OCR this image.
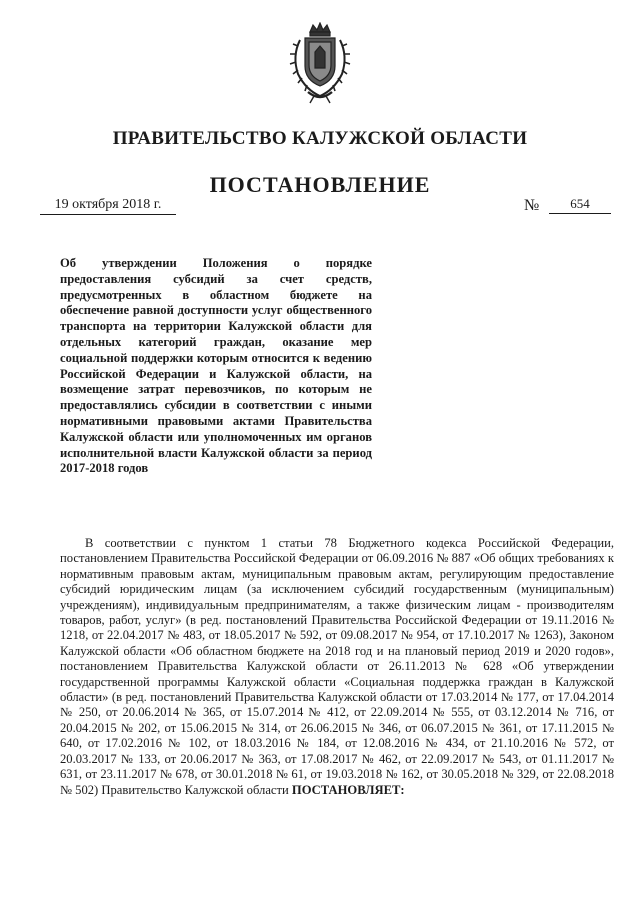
ПРАВИТЕЛЬСТВО КАЛУЖСКОЙ ОБЛАСТИ
ПОСТАНОВЛЕНИЕ
19 октября 2018 г.	№	654
Об утверждении Положения о порядке предоставления субсидий за счет средств, предусмотренных в областном бюджете на обеспечение равной доступности услуг общественного транспорта на территории Калужской области для отдельных категорий граждан, оказание мер социальной поддержки которым относится к ведению Российской Федерации и Калужской области, на возмещение затрат перевозчиков, по которым не предоставлялись субсидии в соответствии с иными нормативными правовыми актами Правительства Калужской области или уполномоченных им органов исполнительной власти Калужской области за период 2017-2018 годов
В соответствии с пунктом 1 статьи 78 Бюджетного кодекса Российской Федерации, постановлением Правительства Российской Федерации от 06.09.2016 № 887 «Об общих требованиях к нормативным правовым актам, муниципальным правовым актам, регулирующим предоставление субсидий юридическим лицам (за исключением субсидий государственным (муниципальным) учреждениям), индивидуальным предпринимателям, а также физическим лицам - производителям товаров, работ, услуг» (в ред. постановлений Правительства Российской Федерации от 19.11.2016 № 1218, от 22.04.2017 № 483, от 18.05.2017 № 592, от 09.08.2017 № 954, от 17.10.2017 № 1263), Законом Калужской области «Об областном бюджете на 2018 год и на плановый период 2019 и 2020 годов», постановлением Правительства Калужской области от 26.11.2013 № 628 «Об утверждении государственной программы Калужской области «Социальная поддержка граждан в Калужской области» (в ред. постановлений Правительства Калужской области от 17.03.2014 № 177, от 17.04.2014 № 250, от 20.06.2014 № 365, от 15.07.2014 № 412, от 22.09.2014 № 555, от 03.12.2014 № 716, от 20.04.2015 № 202, от 15.06.2015 № 314, от 26.06.2015 № 346, от 06.07.2015 № 361, от 17.11.2015 № 640, от 17.02.2016 № 102, от 18.03.2016 № 184, от 12.08.2016 № 434, от 21.10.2016 № 572, от 20.03.2017 № 133, от 20.06.2017 № 363, от 17.08.2017 № 462, от 22.09.2017 № 543, от 01.11.2017 № 631, от 23.11.2017 № 678, от 30.01.2018 № 61, от 19.03.2018 № 162, от 30.05.2018 № 329, от 22.08.2018 № 502) Правительство Калужской области ПОСТАНОВЛЯЕТ:
